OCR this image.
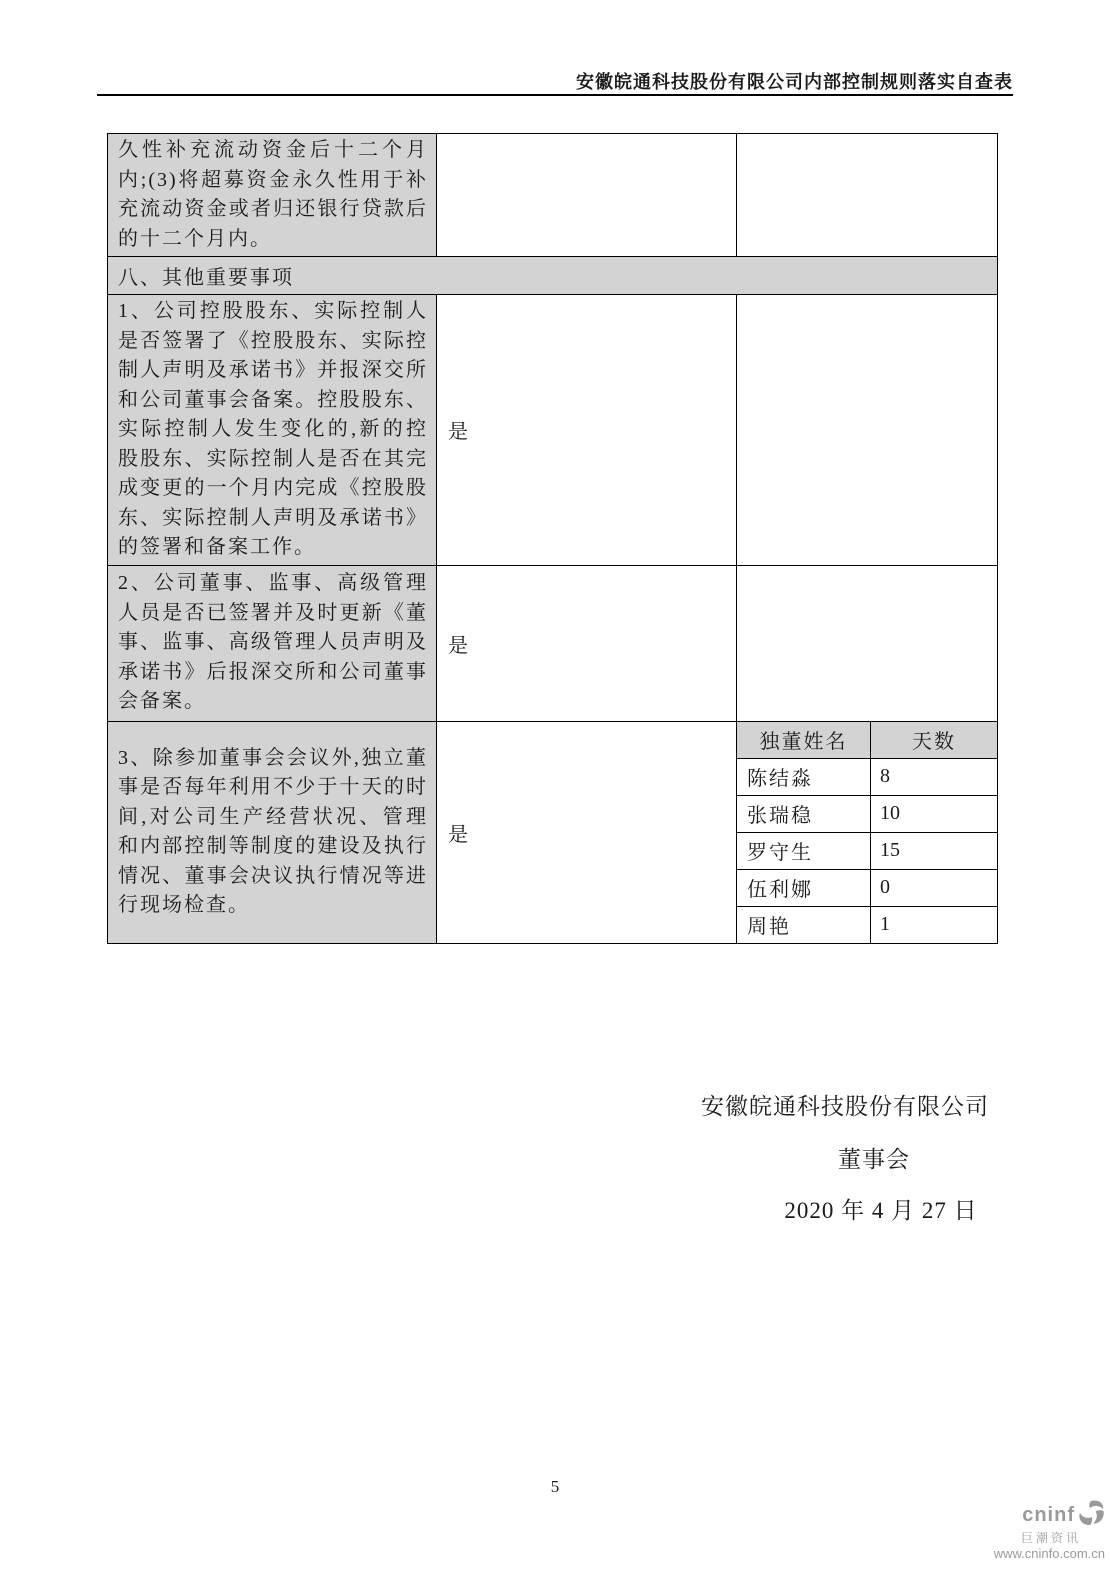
安徽皖通科技股份有限公司内部控制规则落实自查表
久性补充流动资金后十二个月内;(3)将超募资金永久性用于补充流动资金或者归还银行贷款后的十二个月内。			
八、其他重要事项			
1、公司控股股东、实际控制人是否签署了《控股股东、实际控制人声明及承诺书》并报深交所和公司董事会备案。控股股东、实际控制人发生变化的,新的控股股东、实际控制人是否在其完成变更的一个月内完成《控股股东、实际控制人声明及承诺书》的签署和备案工作。	是		
2、公司董事、监事、高级管理人员是否已签署并及时更新《董事、监事、高级管理人员声明及承诺书》后报深交所和公司董事会备案。	是		
3、除参加董事会会议外,独立董事是否每年利用不少于十天的时间,对公司生产经营状况、管理和内部控制等制度的建设及执行情况、董事会决议执行情况等进行现场检查。	是	独董姓名	天数
		陈结淼	8
		张瑞稳	10
		罗守生	15
		伍利娜	0
		周艳	1
安徽皖通科技股份有限公司
董事会
2020 年 4 月 27 日
5
cninf
巨潮资讯
www.cninfo.com.cn
